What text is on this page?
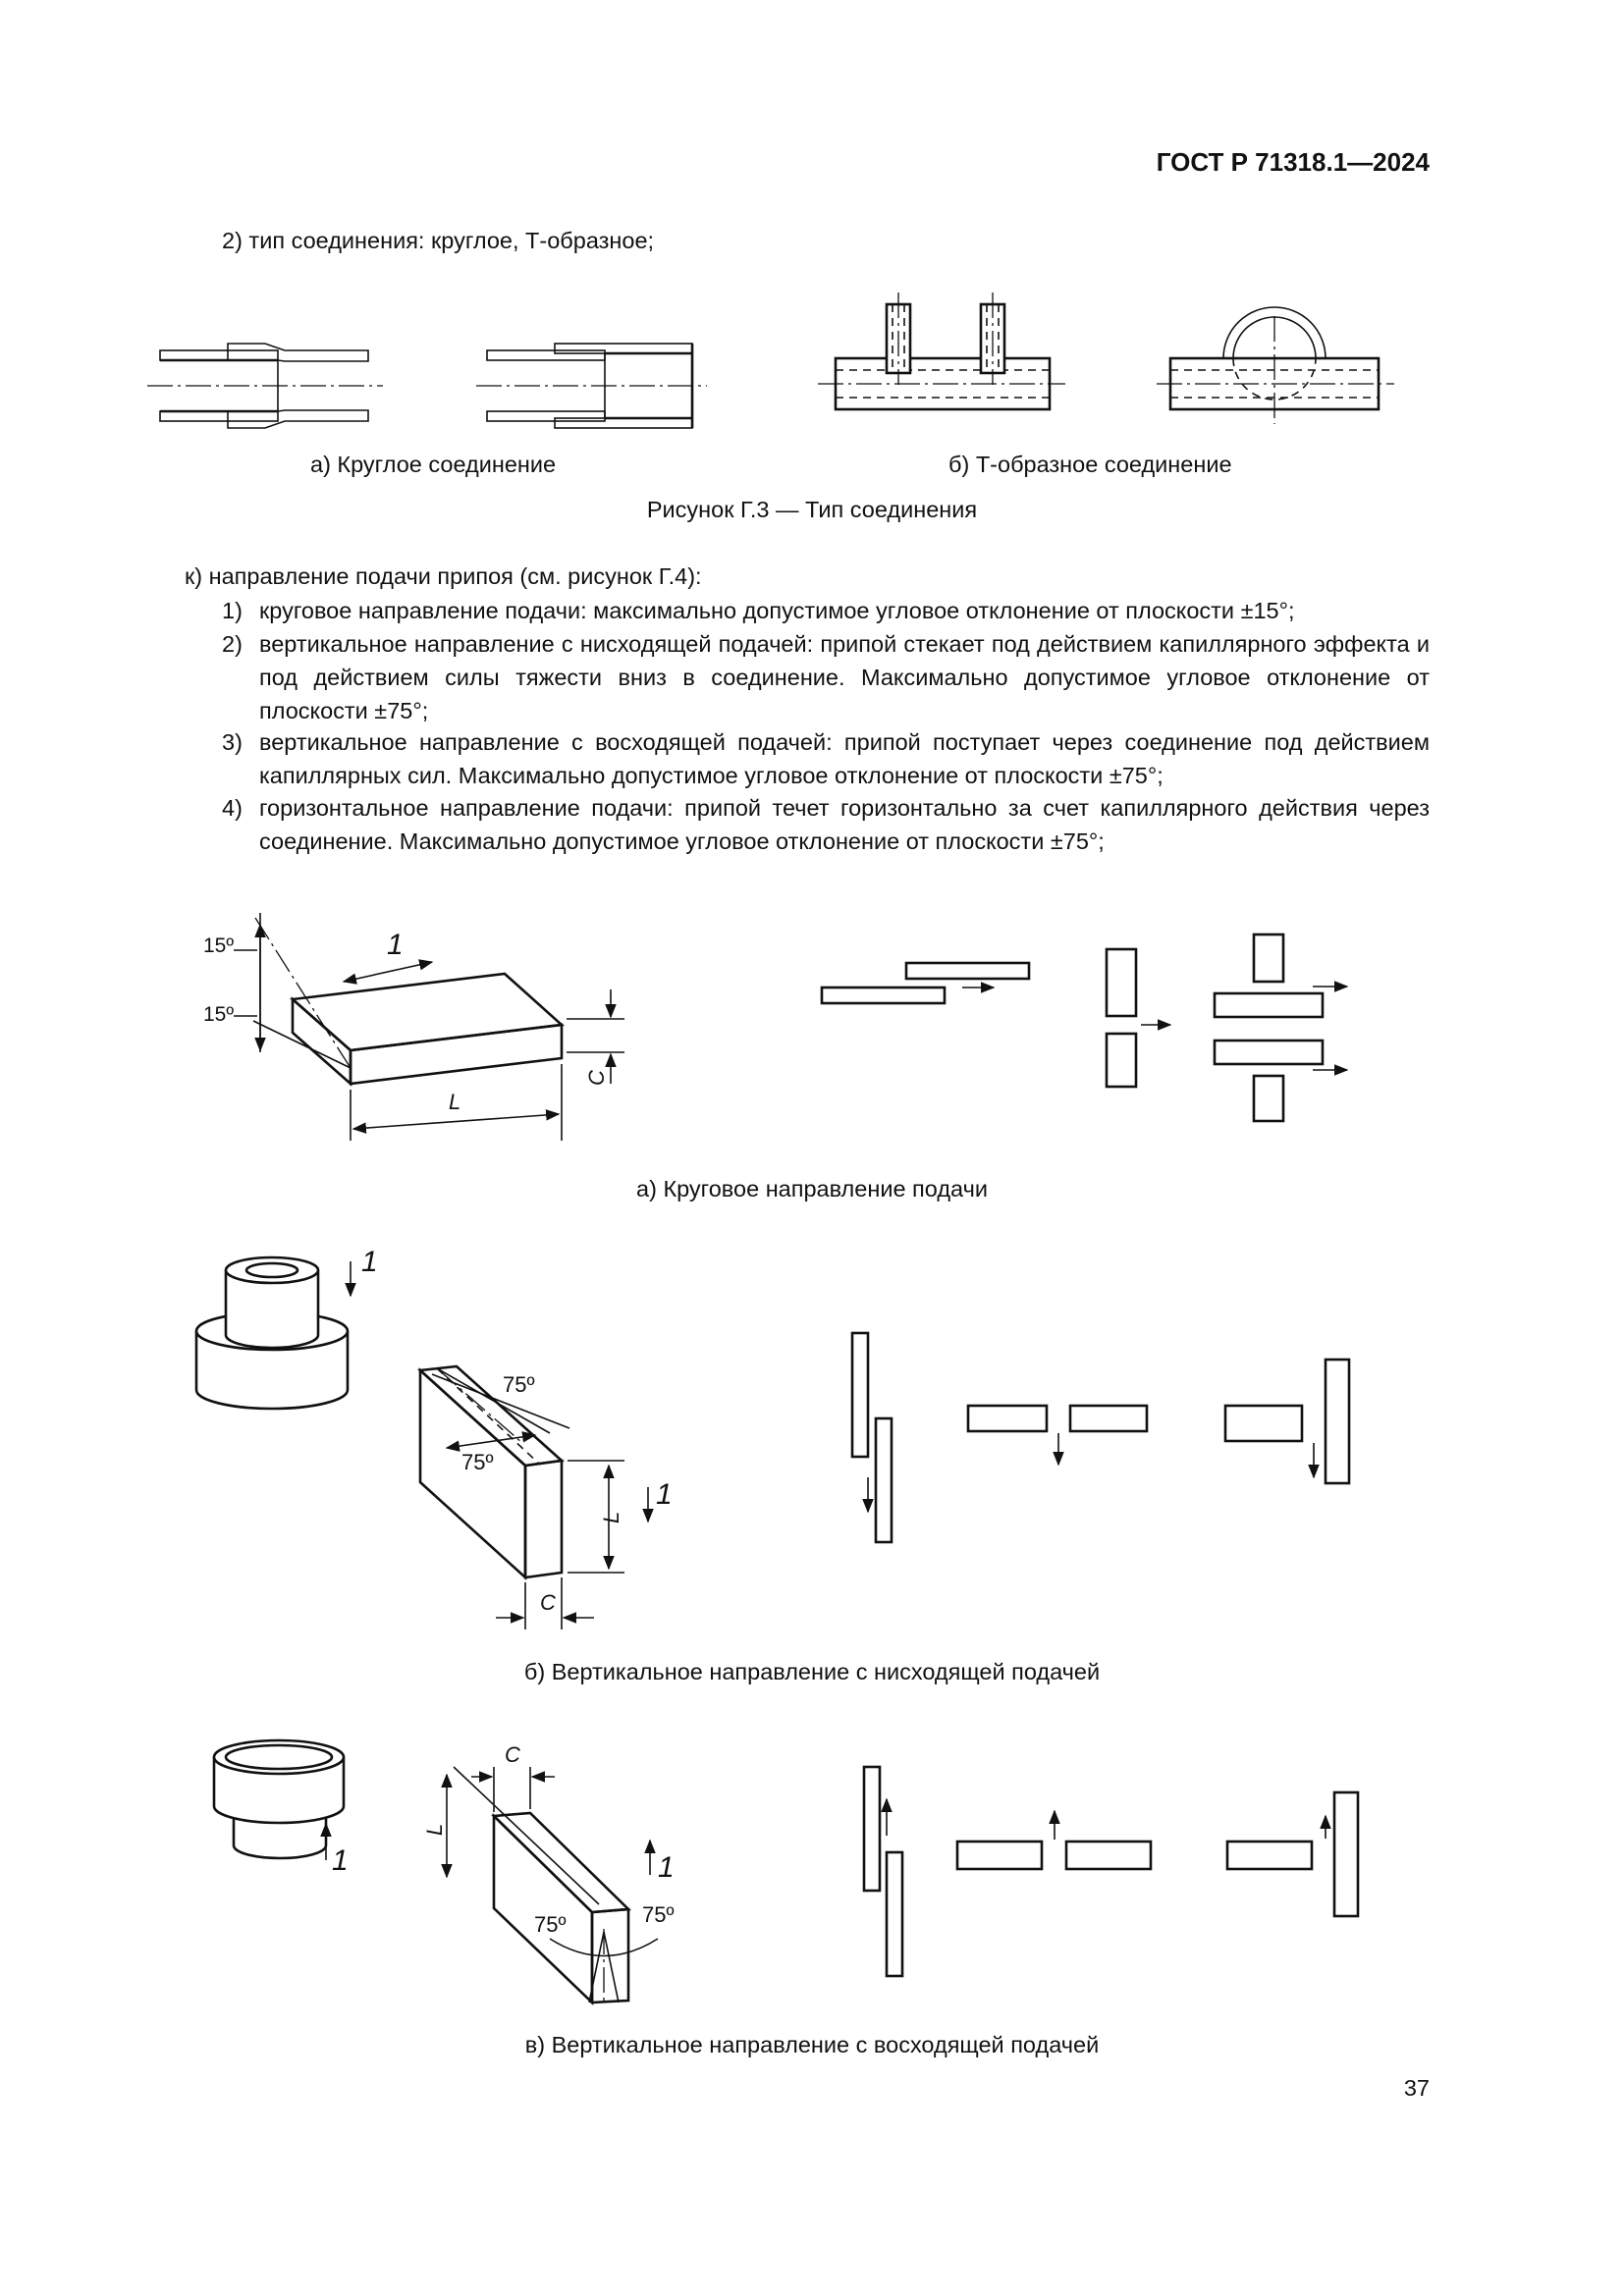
ГОСТ Р 71318.1—2024
2) тип соединения: круглое, Т-образное;
15º
15º
1
L
C
1
75º
75º
C
L
1
1
C
L
75º	75º
1
а) Круглое соединение	б) Т-образное соединение
Рисунок Г.3 — Тип соединения
к) направление подачи припоя (см. рисунок Г.4):
1) круговое направление подачи: максимально допустимое угловое отклонение от плоскости ±15°;
2) вертикальное направление с нисходящей подачей: припой стекает под действием капиллярного эффекта и под действием силы тяжести вниз в соединение. Максимально допустимое угловое отклонение от плоскости ±75°;
3) вертикальное направление с восходящей подачей: припой поступает через соединение под действием капиллярных сил. Максимально допустимое угловое отклонение от плоскости ±75°;
4) горизонтальное направление подачи: припой течет горизонтально за счет капиллярного действия через соединение. Максимально допустимое угловое отклонение от плоскости ±75°;
а) Круговое направление подачи
б) Вертикальное направление с нисходящей подачей
в) Вертикальное направление с восходящей подачей
37
